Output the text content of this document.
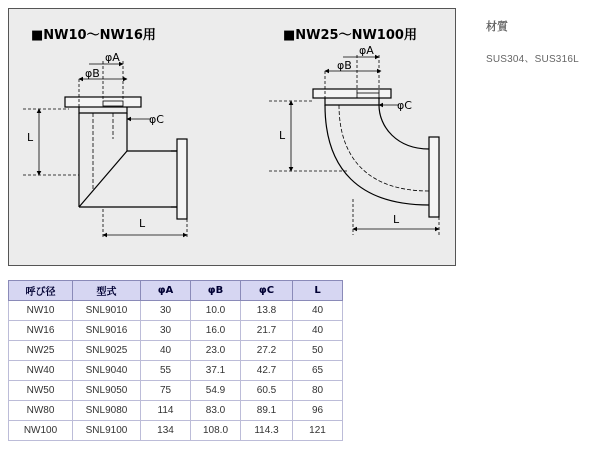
■NW10〜NW16用	■NW25〜NW100用
φA
φB
φC
L
L
φA
φB
φC
L
L
材質
SUS304、SUS316L
呼び径	型式	φA	φB	φC	L
NW10	SNL9010	30	10.0	13.8	40
NW16	SNL9016	30	16.0	21.7	40
NW25	SNL9025	40	23.0	27.2	50
NW40	SNL9040	55	37.1	42.7	65
NW50	SNL9050	75	54.9	60.5	80
NW80	SNL9080	114	83.0	89.1	96
NW100	SNL9100	134	108.0	114.3	121
